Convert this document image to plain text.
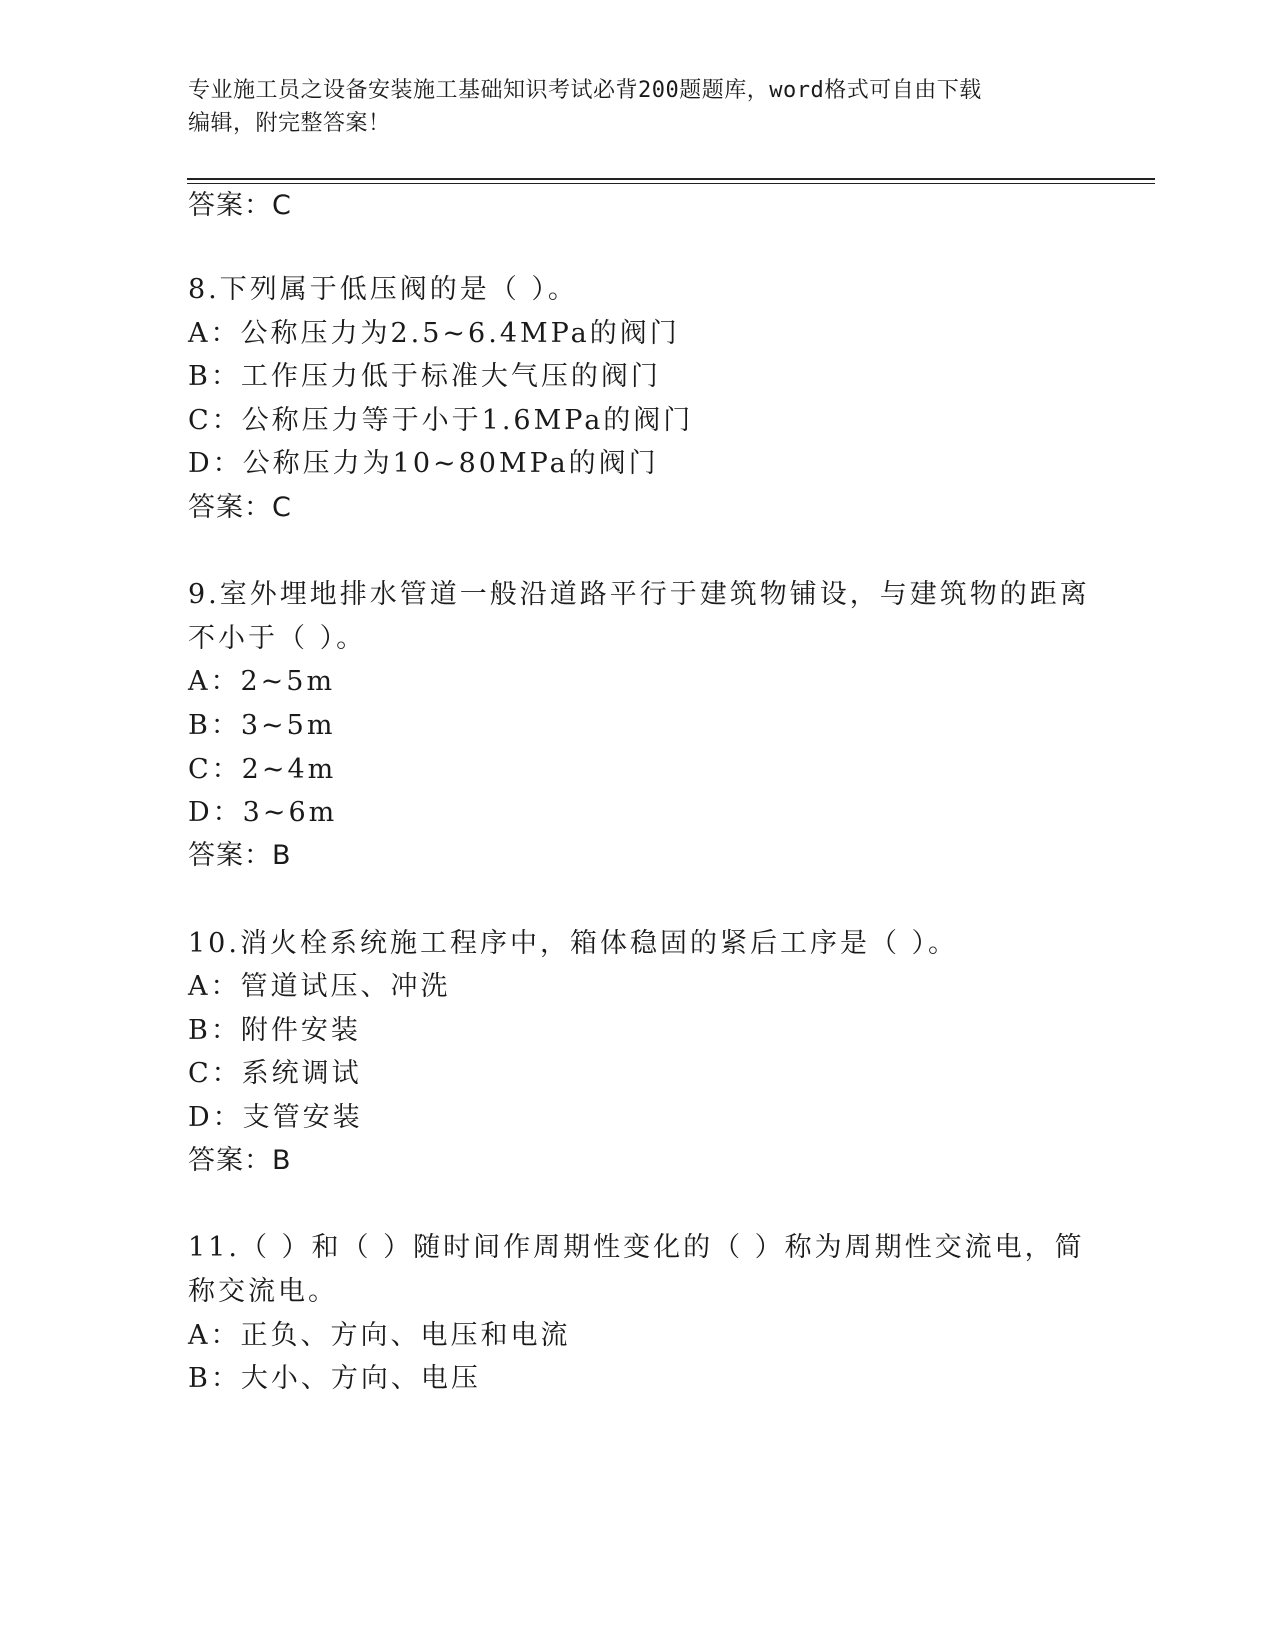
专业施工员之设备安装施工基础知识考试必背200题题库，word格式可自由下载
编辑，附完整答案！
答案：C
8.下列属于低压阀的是（ ）。
A：公称压力为2.5~6.4MPa的阀门
B：工作压力低于标准大气压的阀门
C：公称压力等于小于1.6MPa的阀门
D：公称压力为10~80MPa的阀门
答案：C
9.室外埋地排水管道一般沿道路平行于建筑物铺设，与建筑物的距离
不小于（ ）。
A：2~5m
B：3~5m
C：2~4m
D：3~6m
答案：B
10.消火栓系统施工程序中，箱体稳固的紧后工序是（ ）。
A：管道试压、冲洗
B：附件安装
C：系统调试
D：支管安装
答案：B
11.（ ）和（ ）随时间作周期性变化的（ ）称为周期性交流电，简
称交流电。
A：正负、方向、电压和电流
B：大小、方向、电压
